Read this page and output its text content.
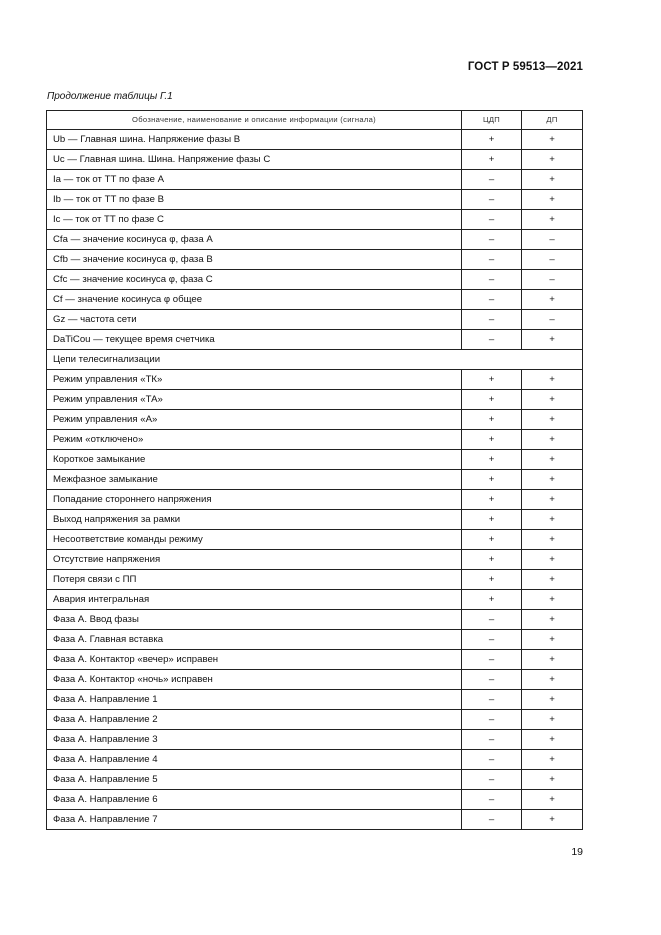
ГОСТ Р 59513—2021
Продолжение таблицы Г.1
Обозначение, наименование и описание информации (сигнала)	ЦДП	ДП
Ub — Главная шина. Напряжение фазы В	+	+
Uc — Главная шина. Шина. Напряжение фазы С	+	+
Ia — ток от ТТ по фазе А	–	+
Ib — ток от ТТ по фазе В	–	+
Ic — ток от ТТ по фазе С	–	+
Cfa — значение косинуса φ, фаза А	–	–
Cfb — значение косинуса φ, фаза В	–	–
Cfc — значение косинуса φ, фаза С	–	–
Cf — значение косинуса φ общее	–	+
Gz — частота сети	–	–
DaTiCou — текущее время счетчика	–	+
Цепи телесигнализации		
Режим управления «ТК»	+	+
Режим управления «ТА»	+	+
Режим управления «А»	+	+
Режим «отключено»	+	+
Короткое замыкание	+	+
Межфазное замыкание	+	+
Попадание стороннего напряжения	+	+
Выход напряжения за рамки	+	+
Несоответствие команды режиму	+	+
Отсутствие напряжения	+	+
Потеря связи с ПП	+	+
Авария интегральная	+	+
Фаза А. Ввод фазы	–	+
Фаза А. Главная вставка	–	+
Фаза А. Контактор «вечер» исправен	–	+
Фаза А. Контактор «ночь» исправен	–	+
Фаза А. Направление 1	–	+
Фаза А. Направление 2	–	+
Фаза А. Направление 3	–	+
Фаза А. Направление 4	–	+
Фаза А. Направление 5	–	+
Фаза А. Направление 6	–	+
Фаза А. Направление 7	–	+
19
